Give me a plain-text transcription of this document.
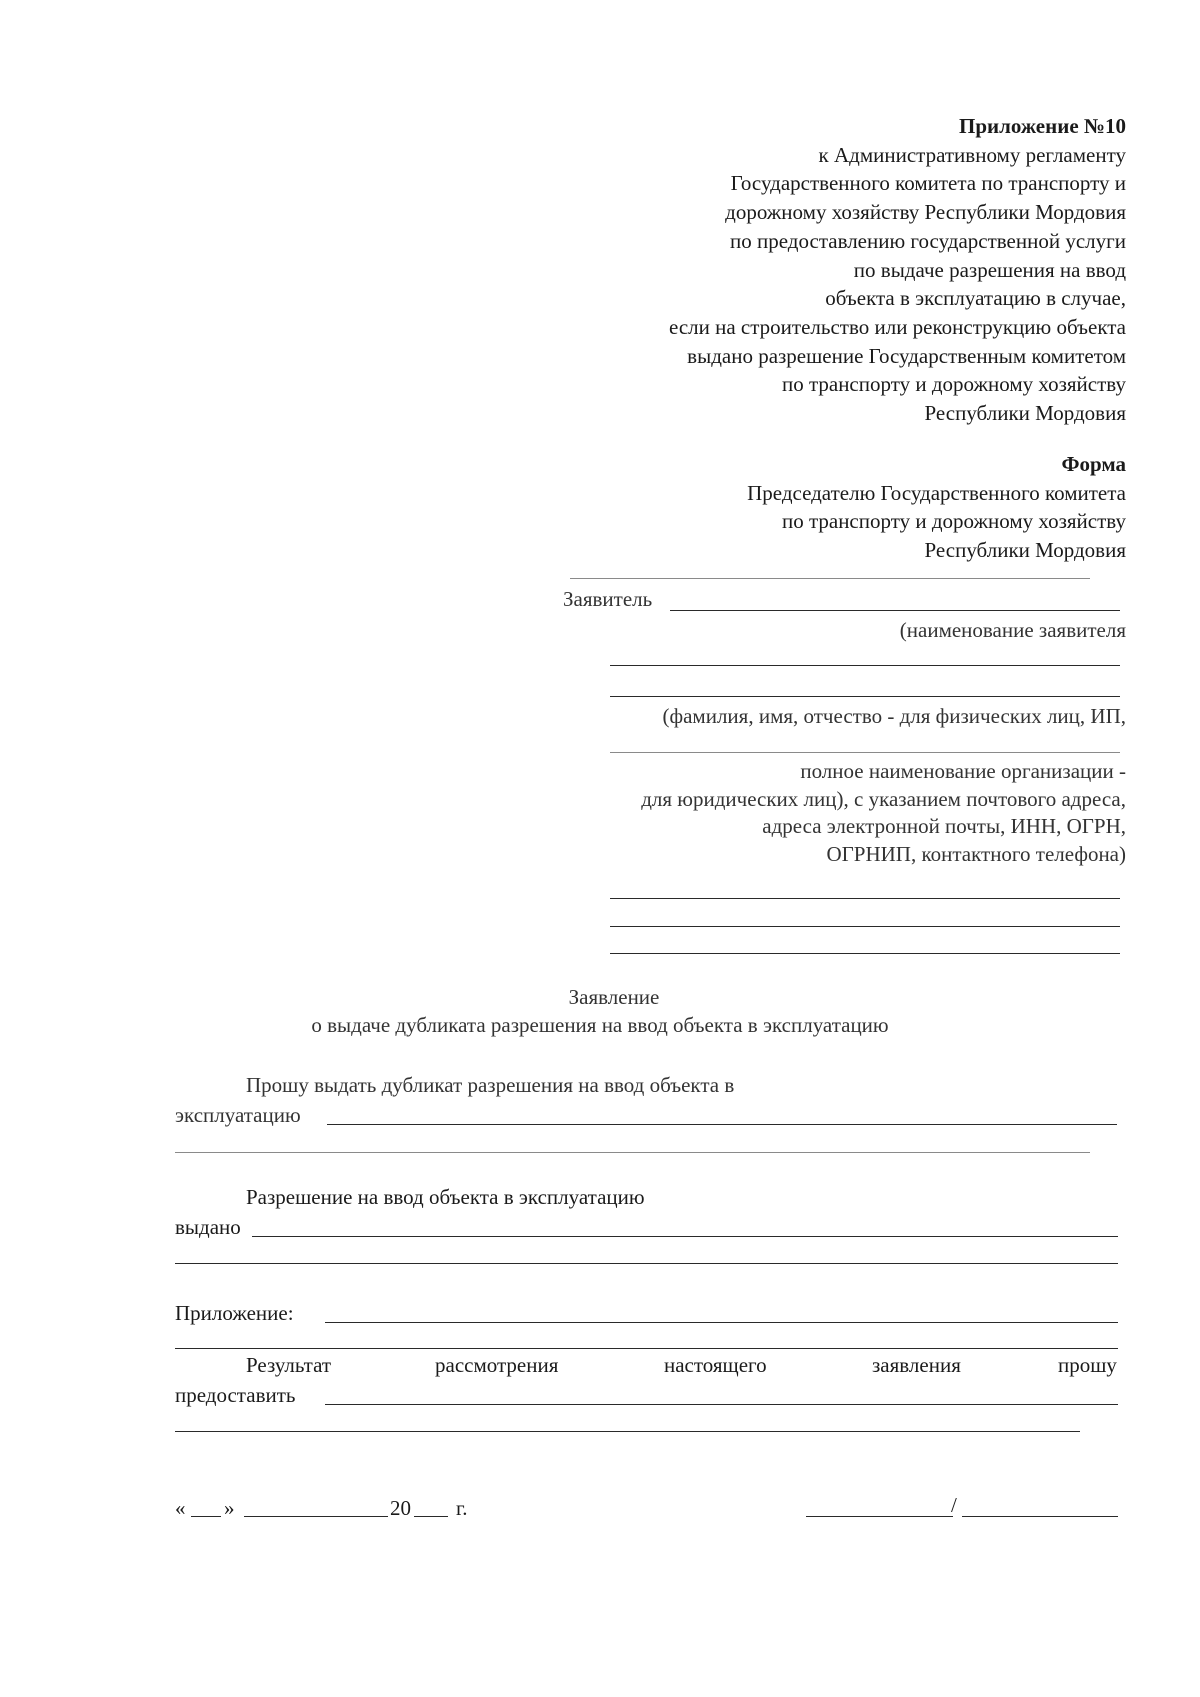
Приложение №10
к Административному регламенту
Государственного комитета по транспорту и
дорожному хозяйству Республики Мордовия
по предоставлению государственной услуги
по выдаче разрешения на ввод
объекта в эксплуатацию в случае,
если на строительство или реконструкцию объекта
выдано разрешение Государственным комитетом
по транспорту и дорожному хозяйству
Республики Мордовия
Форма
Председателю Государственного комитета
по транспорту и дорожному хозяйству
Республики Мордовия
Заявитель
(наименование заявителя
(фамилия, имя, отчество - для физических лиц, ИП,
полное наименование организации -
для юридических лиц), с указанием почтового адреса,
адреса электронной почты, ИНН, ОГРН,
ОГРНИП, контактного телефона)
Заявление
о выдаче дубликата разрешения на ввод объекта в эксплуатацию
Прошу выдать дубликат разрешения на ввод объекта в
эксплуатацию
Разрешение на ввод объекта в эксплуатацию
выдано
Приложение:
Результат	рассмотрения	настоящего	заявления	прошу
предоставить
« »	20 г.	/
